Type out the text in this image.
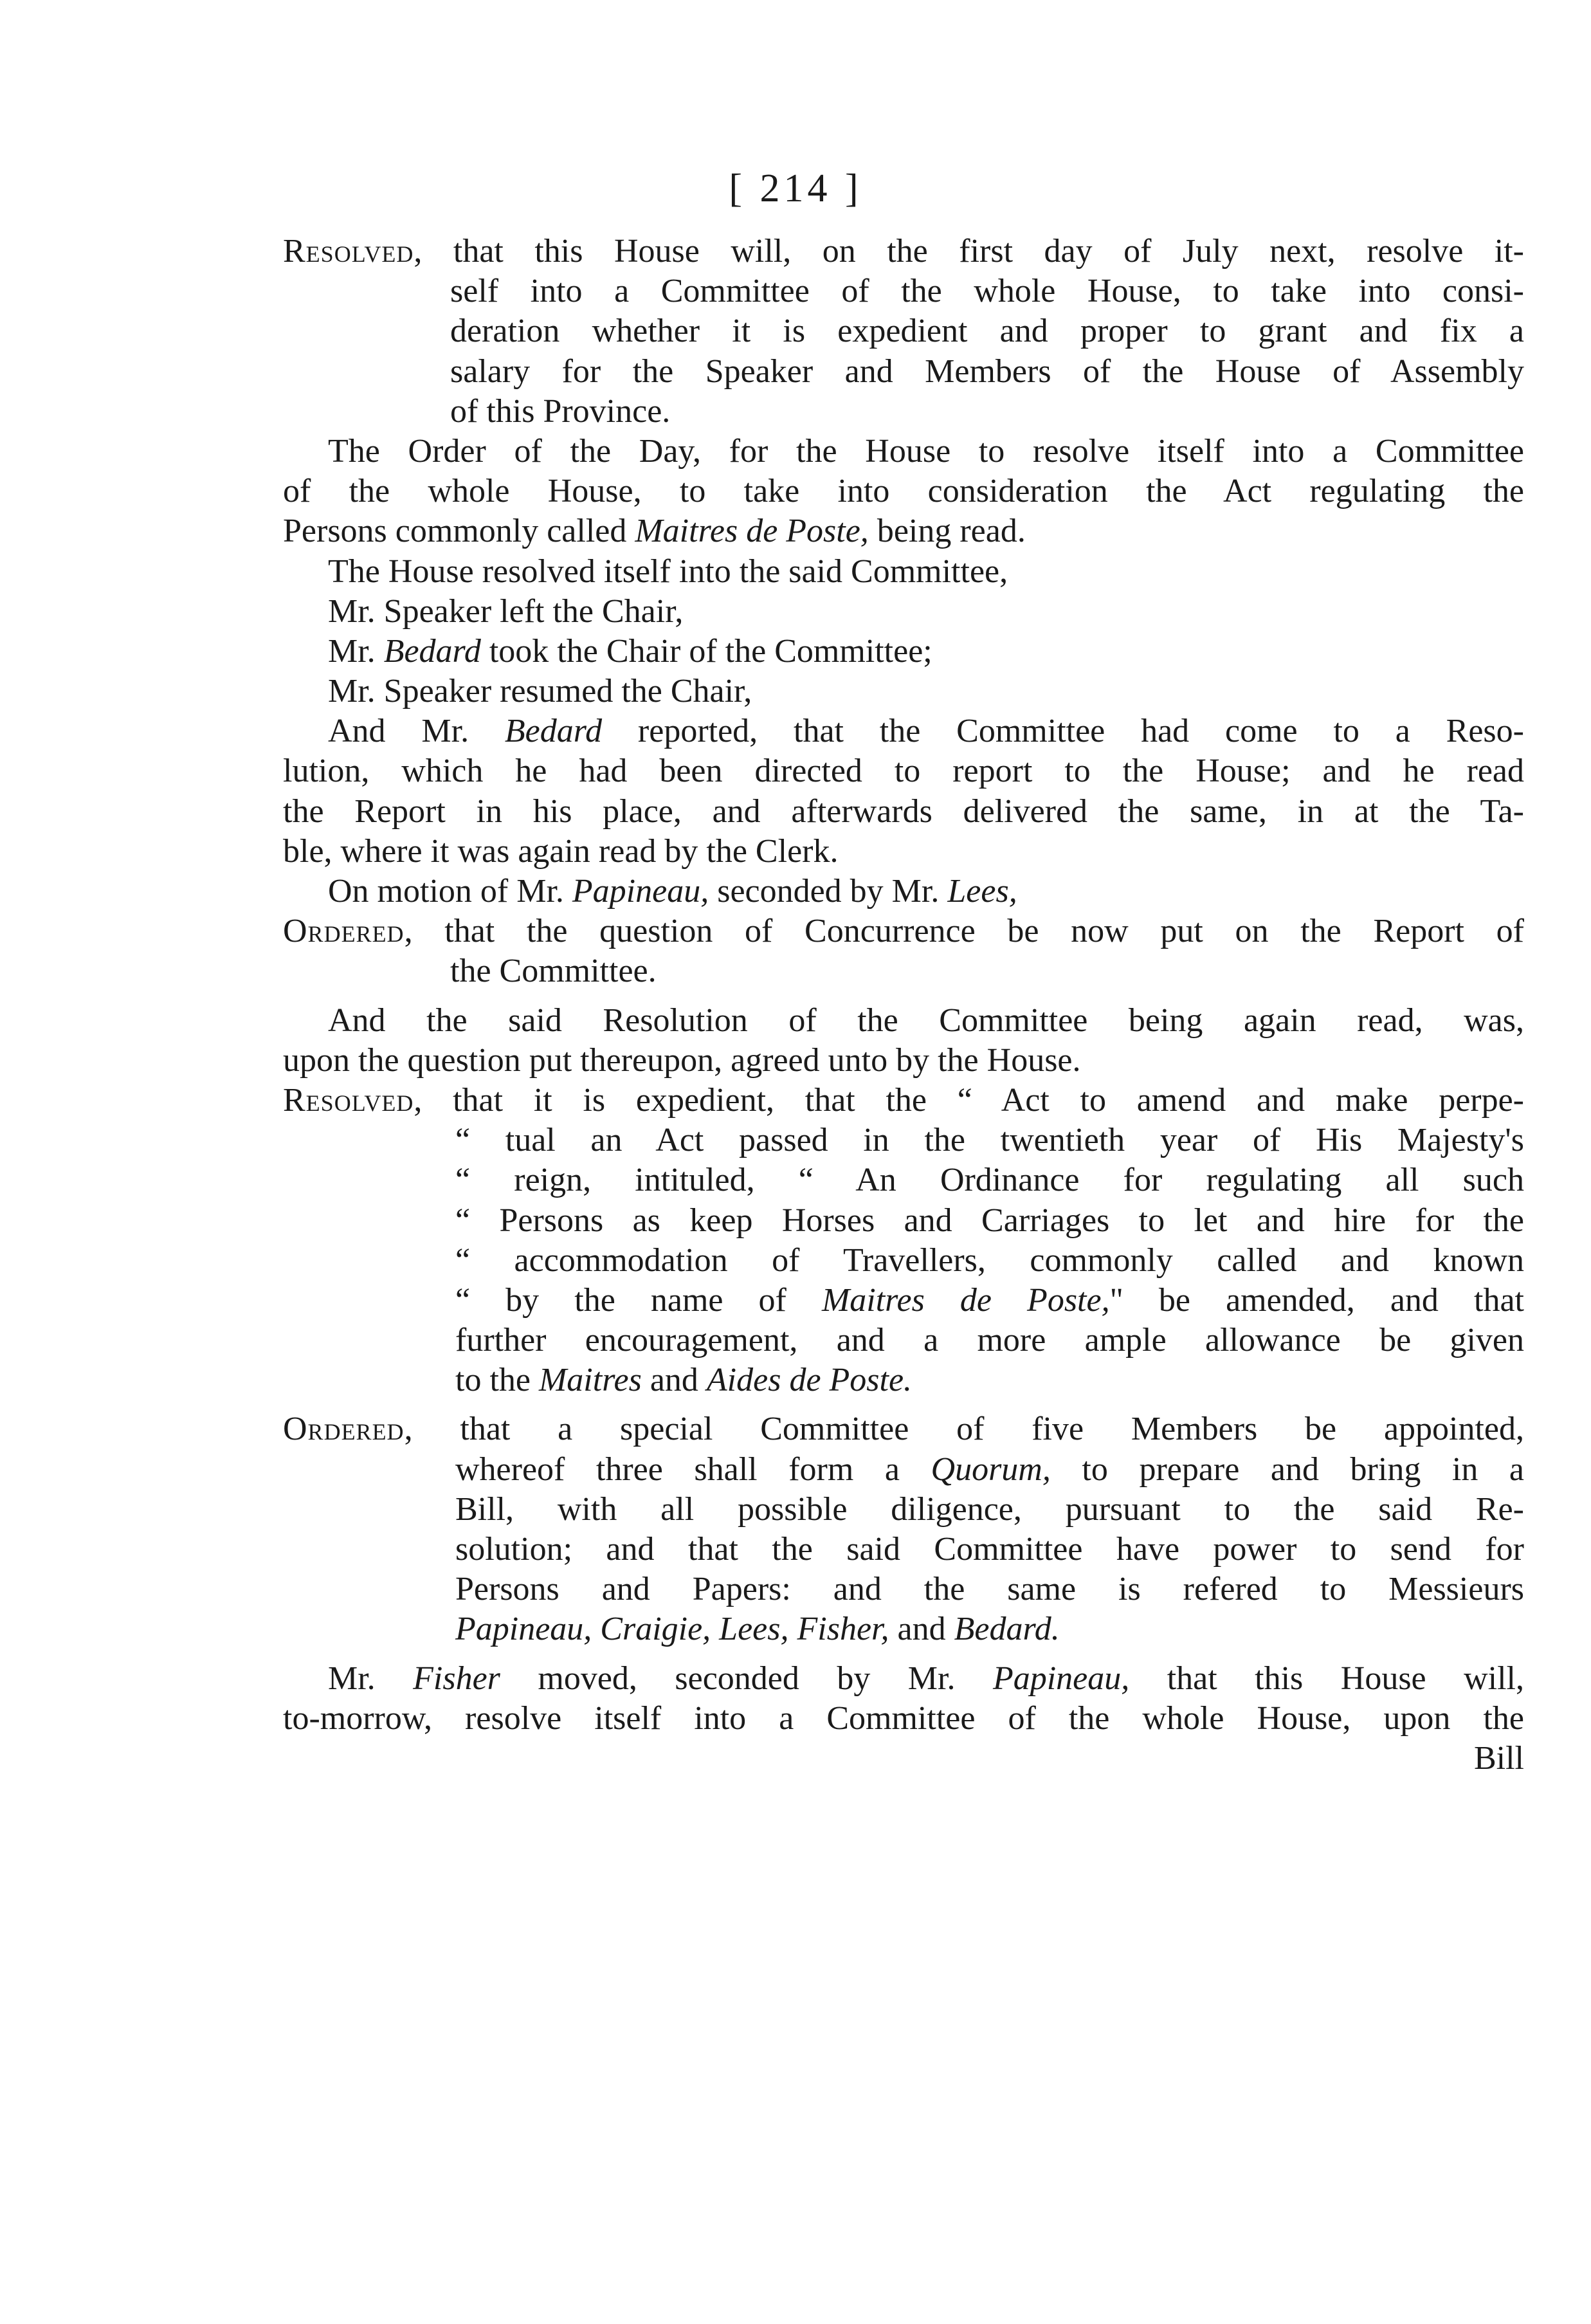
[ 214 ]

Resolved, that this House will, on the first day of July next, resolve it-
self into a Committee of the whole House, to take into consi-
deration whether it is expedient and proper to grant and fix a
salary for the Speaker and Members of the House of Assembly
of this Province.
The Order of the Day, for the House to resolve itself into a Committee
of the whole House, to take into consideration the Act regulating the
Persons commonly called Maitres de Poste, being read.
The House resolved itself into the said Committee,
Mr. Speaker left the Chair,
Mr. Bedard took the Chair of the Committee;
Mr. Speaker resumed the Chair,
And Mr. Bedard reported, that the Committee had come to a Reso-
lution, which he had been directed to report to the House; and he read
the Report in his place, and afterwards delivered the same, in at the Ta-
ble, where it was again read by the Clerk.
On motion of Mr. Papineau, seconded by Mr. Lees,
Ordered, that the question of Concurrence be now put on the Report of
the Committee.
And the said Resolution of the Committee being again read, was,
upon the question put thereupon, agreed unto by the House.
Resolved, that it is expedient, that the “ Act to amend and make perpe-
“ tual an Act passed in the twentieth year of His Majesty's
“ reign, intituled, “ An Ordinance for regulating all such
“ Persons as keep Horses and Carriages to let and hire for the
“ accommodation of Travellers, commonly called and known
“ by the name of Maitres de Poste," be amended, and that
further encouragement, and a more ample allowance be given
to the Maitres and Aides de Poste.
Ordered, that a special Committee of five Members be appointed,
whereof three shall form a Quorum, to prepare and bring in a
Bill, with all possible diligence, pursuant to the said Re-
solution; and that the said Committee have power to send for
Persons and Papers: and the same is refered to Messieurs
Papineau, Craigie, Lees, Fisher, and Bedard.
Mr. Fisher moved, seconded by Mr. Papineau, that this House will,
to-morrow, resolve itself into a Committee of the whole House, upon the
Bill
